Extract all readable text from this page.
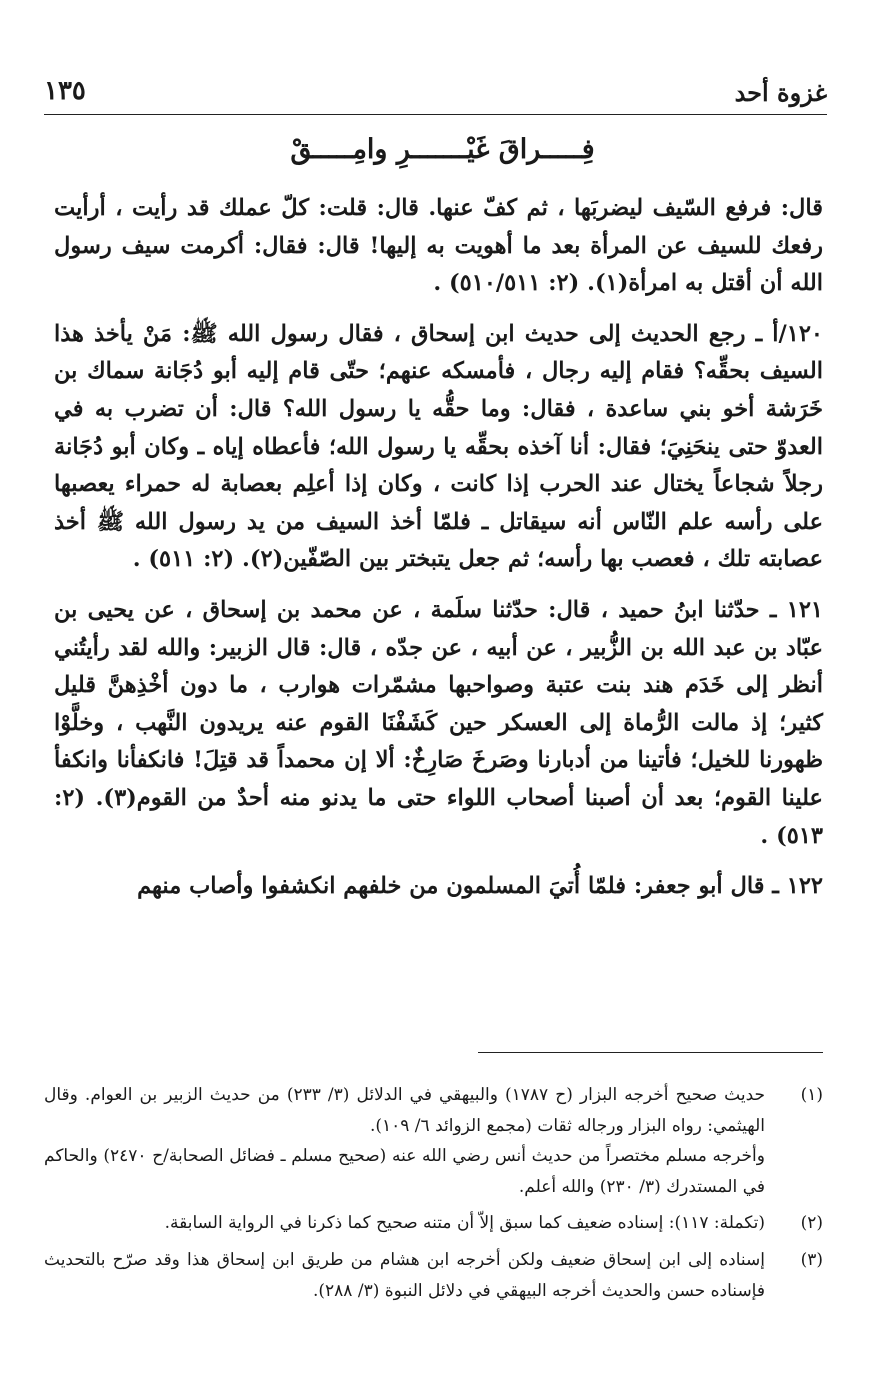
غزوة أحد
١٣٥
فِـــــراقَ غَيْـــــــرِ وامِـــــقْ

قال: فرفع السّيف ليضربَها ، ثم كفّ عنها. قال: قلت: كلّ عملك قد رأيت ، أرأيت رفعك للسيف عن المرأة بعد ما أهويت به إليها! قال: فقال: أكرمت سيف رسول الله أن أقتل به امرأة(١). (٢: ٥١٠/٥١١) .

١٢٠/أ ـ رجع الحديث إلى حديث ابن إسحاق ، فقال رسول الله ﷺ: مَنْ يأخذ هذا السيف بحقِّه؟ فقام إليه رجال ، فأمسكه عنهم؛ حتّى قام إليه أبو دُجَانة سماك بن خَرَشة أخو بني ساعدة ، فقال: وما حقُّه يا رسول الله؟ قال: أن تضرب به في العدوّ حتى ينحَنِيَ؛ فقال: أنا آخذه بحقِّه يا رسول الله؛ فأعطاه إياه ـ وكان أبو دُجَانة رجلاً شجاعاً يختال عند الحرب إذا كانت ، وكان إذا أعلِم بعصابة له حمراء يعصبها على رأسه علم النّاس أنه سيقاتل ـ فلمّا أخذ السيف من يد رسول الله ﷺ أخذ عصابته تلك ، فعصب بها رأسه؛ ثم جعل يتبختر بين الصّفّين(٢). (٢: ٥١١) .

١٢١ ـ حدّثنا ابنُ حميد ، قال: حدّثنا سلَمة ، عن محمد بن إسحاق ، عن يحيى بن عبّاد بن عبد الله بن الزُّبير ، عن أبيه ، عن جدّه ، قال: قال الزبير: والله لقد رأيتُني أنظر إلى خَدَم هند بنت عتبة وصواحبها مشمّرات هوارب ، ما دون أخْذِهنَّ قليل كثير؛ إذ مالت الرُّماة إلى العسكر حين كَشَفْنَا القوم عنه يريدون النَّهب ، وخلَّوْا ظهورنا للخيل؛ فأتينا من أدبارنا وصَرخَ صَارِخٌ: ألا إن محمداً قد قتِلَ! فانكفأنا وانكفأ علينا القوم؛ بعد أن أصبنا أصحاب اللواء حتى ما يدنو منه أحدٌ من القوم(٣). (٢: ٥١٣) .

١٢٢ ـ قال أبو جعفر: فلمّا أُتيَ المسلمون من خلفهم انكشفوا وأصاب منهم

(١)

حديث صحيح أخرجه البزار (ح ١٧٨٧) والبيهقي في الدلائل (٣/ ٢٣٣) من حديث الزبير بن العوام. وقال الهيثمي: رواه البزار ورجاله ثقات (مجمع الزوائد ٦/ ١٠٩).

وأخرجه مسلم مختصراً من حديث أنس رضي الله عنه (صحيح مسلم ـ فضائل الصحابة/ح ٢٤٧٠) والحاكم في المستدرك (٣/ ٢٣٠) والله أعلم.

(٢)

(تكملة: ١١٧): إسناده ضعيف كما سبق إلاّ أن متنه صحيح كما ذكرنا في الرواية السابقة.

(٣)

إسناده إلى ابن إسحاق ضعيف ولكن أخرجه ابن هشام من طريق ابن إسحاق هذا وقد صرّح بالتحديث فإسناده حسن والحديث أخرجه البيهقي في دلائل النبوة (٣/ ٢٨٨).
